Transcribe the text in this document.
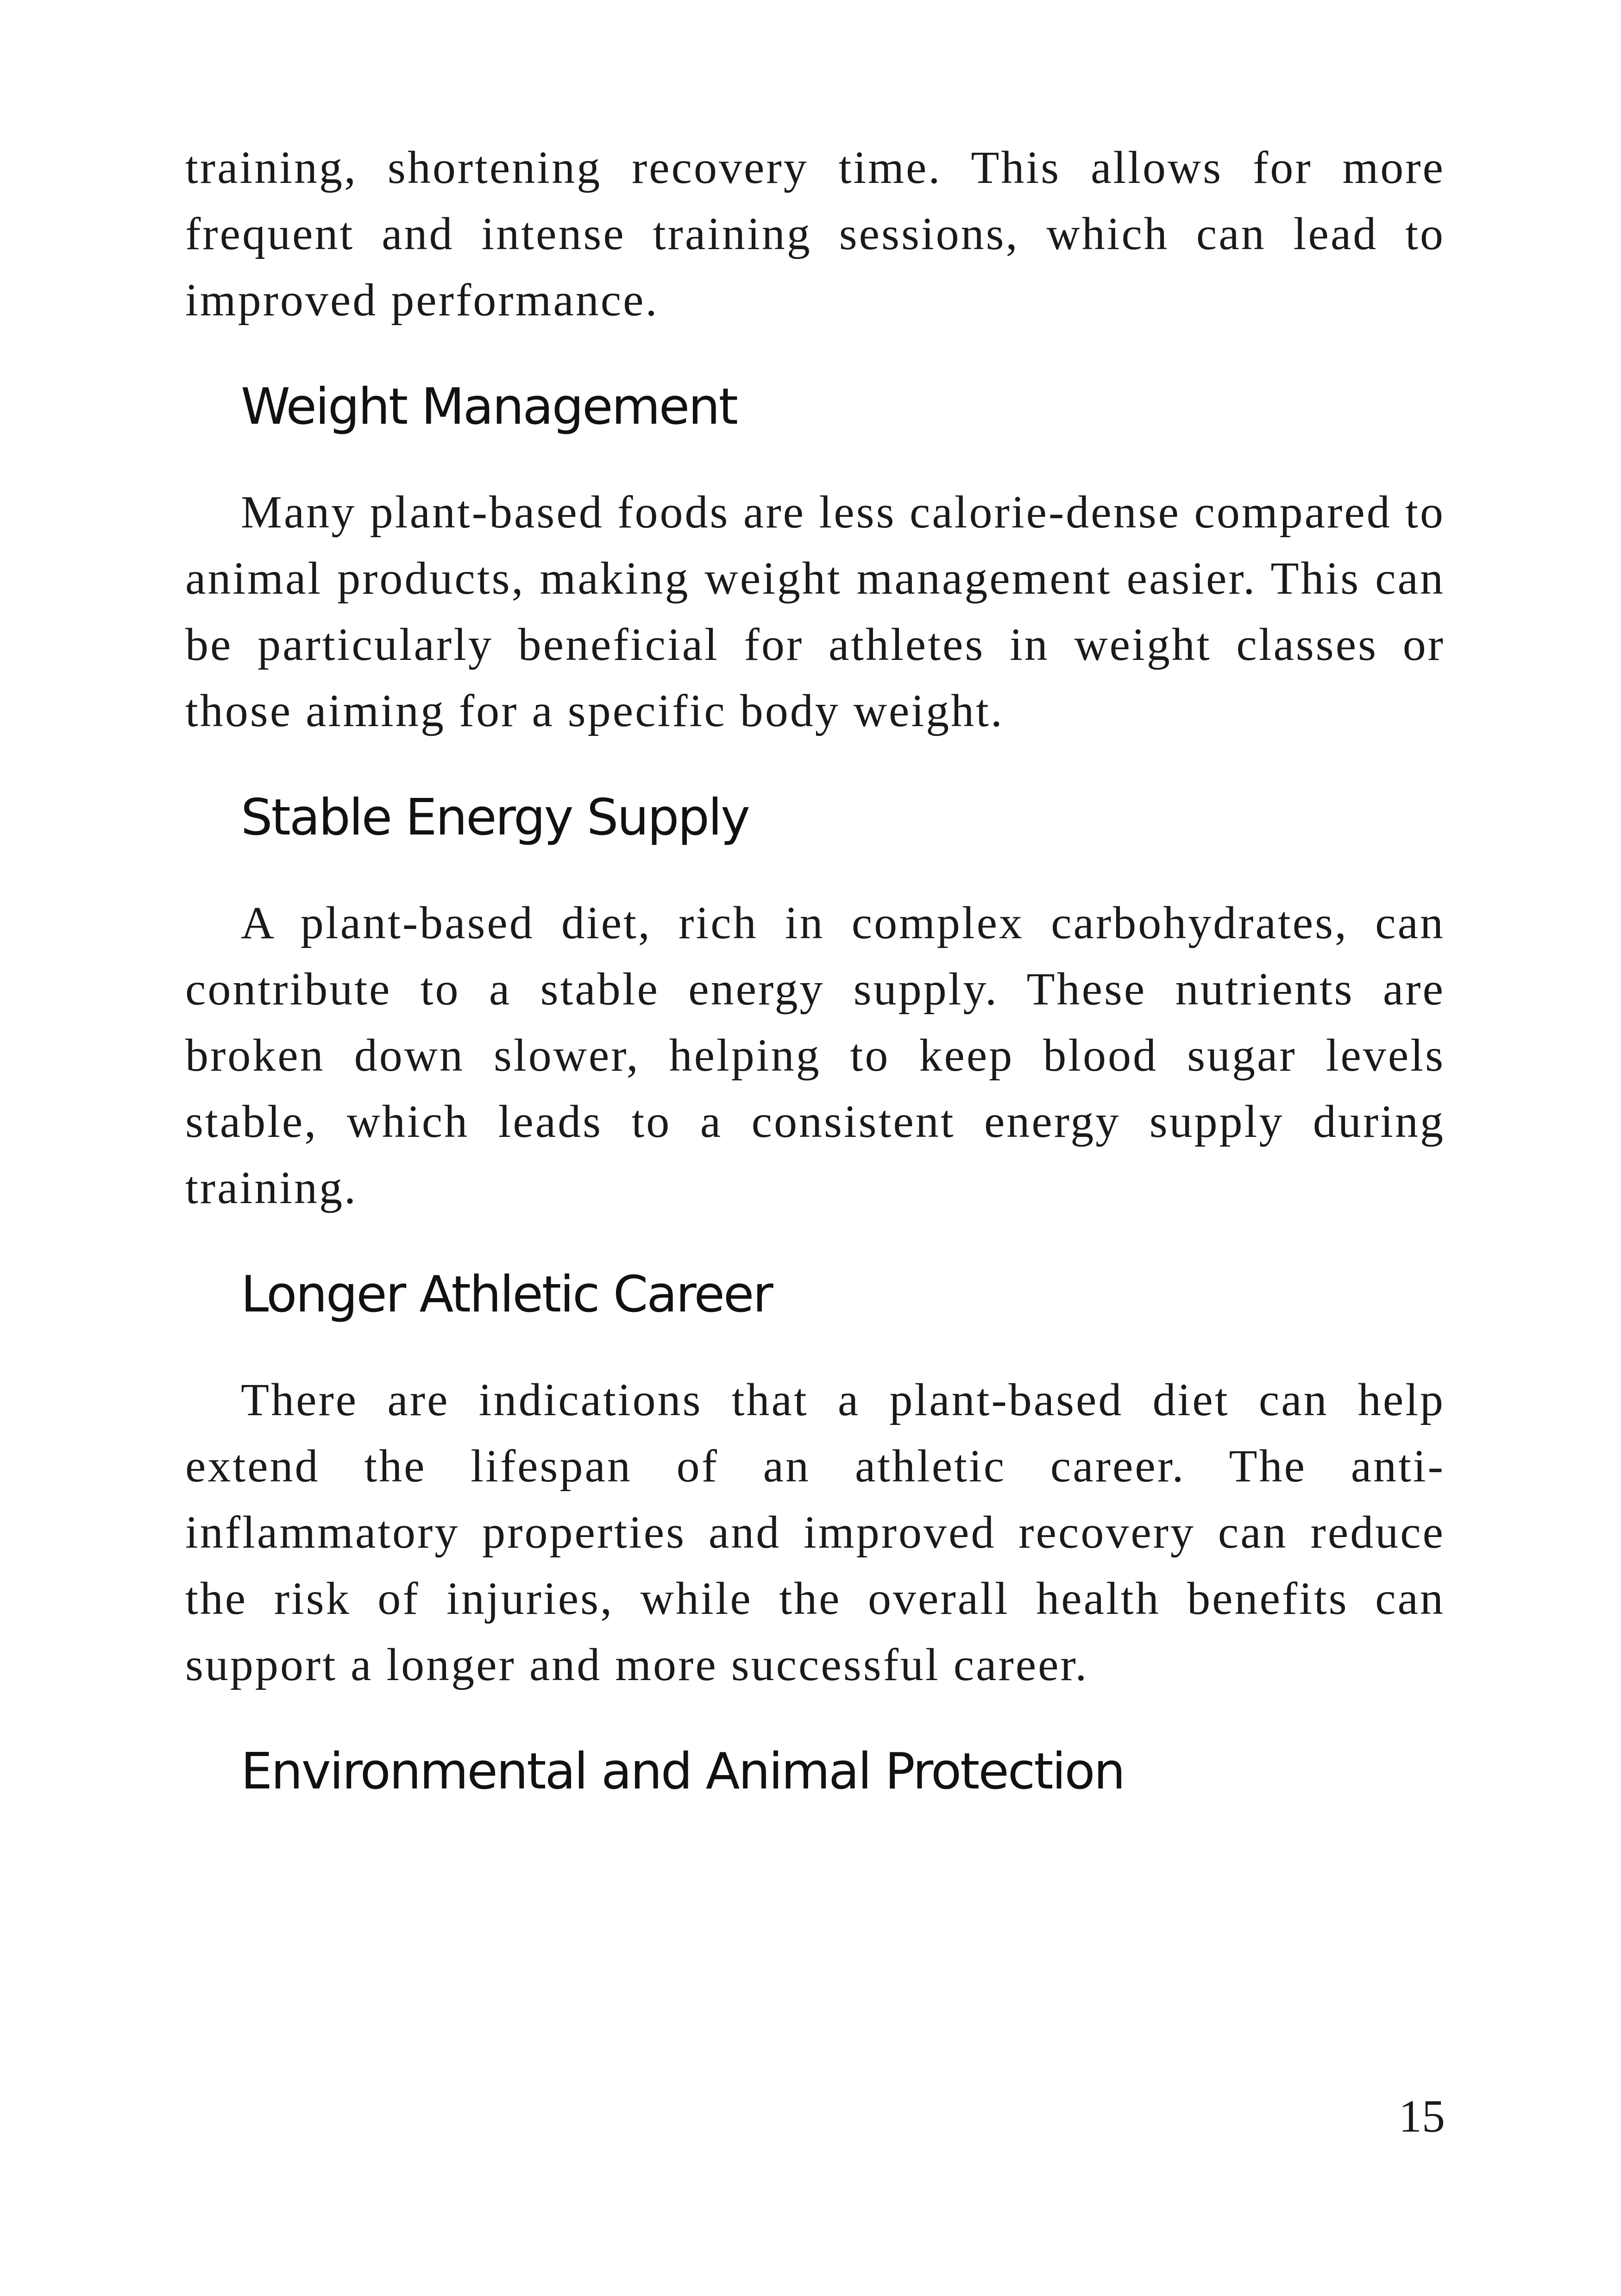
training, shortening recovery time. This allows for more frequent and intense training sessions, which can lead to improved performance.

Weight Management

Many plant-based foods are less calorie-dense compared to animal products, making weight management easier. This can be particularly beneficial for athletes in weight classes or those aiming for a specific body weight.

Stable Energy Supply

A plant-based diet, rich in complex carbohydrates, can contribute to a stable energy supply. These nutrients are broken down slower, helping to keep blood sugar levels stable, which leads to a consistent energy supply during training.

Longer Athletic Career

There are indications that a plant-based diet can help extend the lifespan of an athletic career. The anti-inflammatory properties and improved recovery can reduce the risk of injuries, while the overall health benefits can support a longer and more successful career.

Environmental and Animal Protection
15
